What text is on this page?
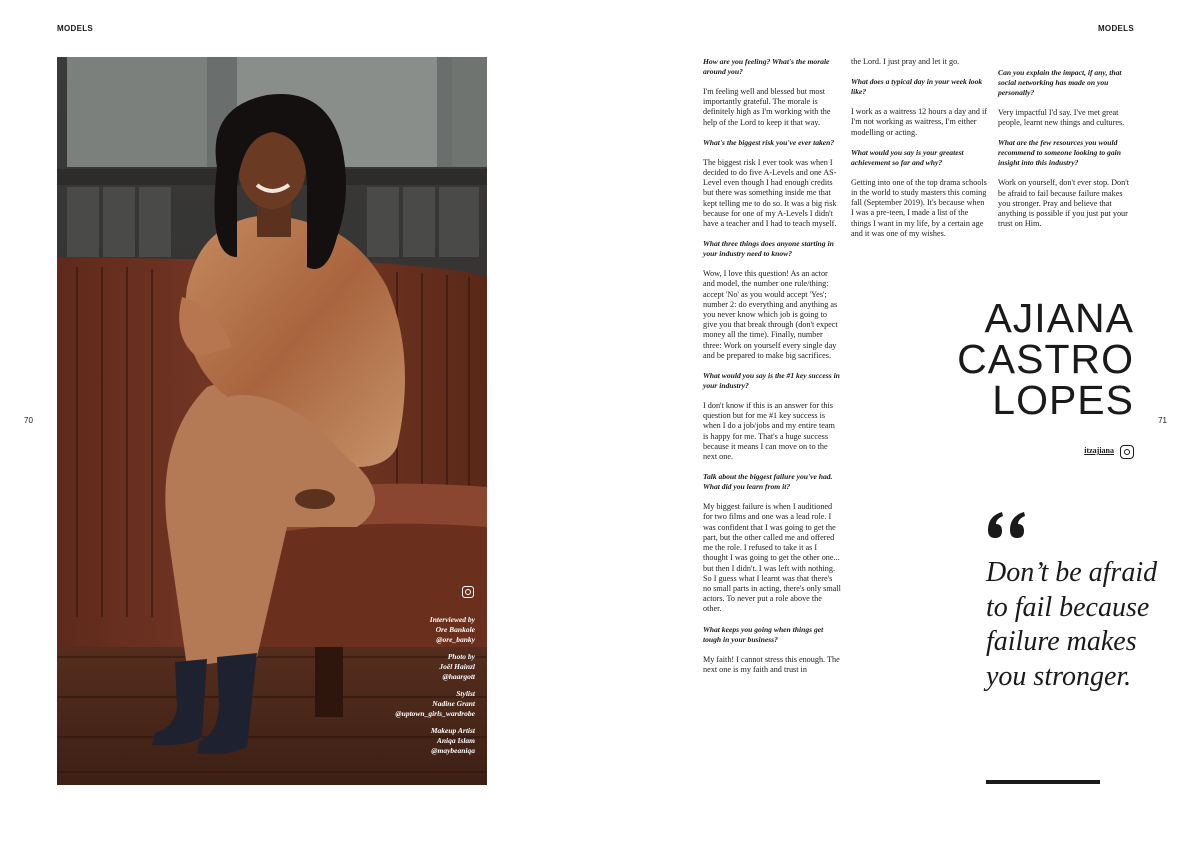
MODELS	MODELS
70	71
Interviewed by
Ore Bankole
@ore_banky
Photo by
Joël Hainzl
@haargott
Stylist
Nadine Grant
@uptown_girls_wardrobe
Makeup Artist
Aniqa Islam
@maybeaniqa

How are you feeling? What's the morale around you?

I'm feeling well and blessed but most importantly grateful. The morale is definitely high as I'm working with the help of the Lord to keep it that way.

What's the biggest risk you've ever taken?

The biggest risk I ever took was when I decided to do five A-Levels and one AS-Level even though I had enough credits but there was something inside me that kept telling me to do so. It was a big risk because for one of my A-Levels I didn't have a teacher and I had to teach myself.

What three things does anyone starting in your industry need to know?

Wow, I love this question! As an actor and model, the number one rule/thing: accept 'No' as you would accept 'Yes'; number 2: do everything and anything as you never know which job is going to give you that break through (don't expect money all the time). Finally, number three: Work on yourself every single day and be prepared to make big sacrifices.

What would you say is the #1 key success in your industry?

I don't know if this is an answer for this question but for me #1 key success is when I do a job/jobs and my entire team is happy for me. That's a huge success because it means I can move on to the next one.

Talk about the biggest failure you've had. What did you learn from it?

My biggest failure is when I auditioned for two films and one was a lead role. I was confident that I was going to get the part, but the other called me and offered me the role. I refused to take it as I thought I was going to get the other one... but then I didn't. I was left with nothing. So I guess what I learnt was that there's no small parts in acting, there's only small actors. To never put a role above the other.

What keeps you going when things get tough in your business?

My faith! I cannot stress this enough. The next one is my faith and trust in

the Lord. I just pray and let it go.

What does a typical day in your week look like?

I work as a waitress 12 hours a day and if I'm not working as waitress, I'm either modelling or acting.

What would you say is your greatest achievement so far and why?

Getting into one of the top drama schools in the world to study masters this coming fall (September 2019). It's because when I was a pre-teen, I made a list of the things I want in my life, by a certain age and it was one of my wishes.

Can you explain the impact, if any, that social networking has made on you personally?

Very impactful I'd say. I've met great people, learnt new things and cultures.

What are the few resources you would recommend to someone looking to gain insight into this industry?

Work on yourself, don't ever stop. Don't be afraid to fail because failure makes you stronger. Pray and believe that anything is possible if you just put your trust on Him.

AJIANA
CASTRO
LOPES
itzajiana
Don’t be afraid to fail because failure makes you stronger.
